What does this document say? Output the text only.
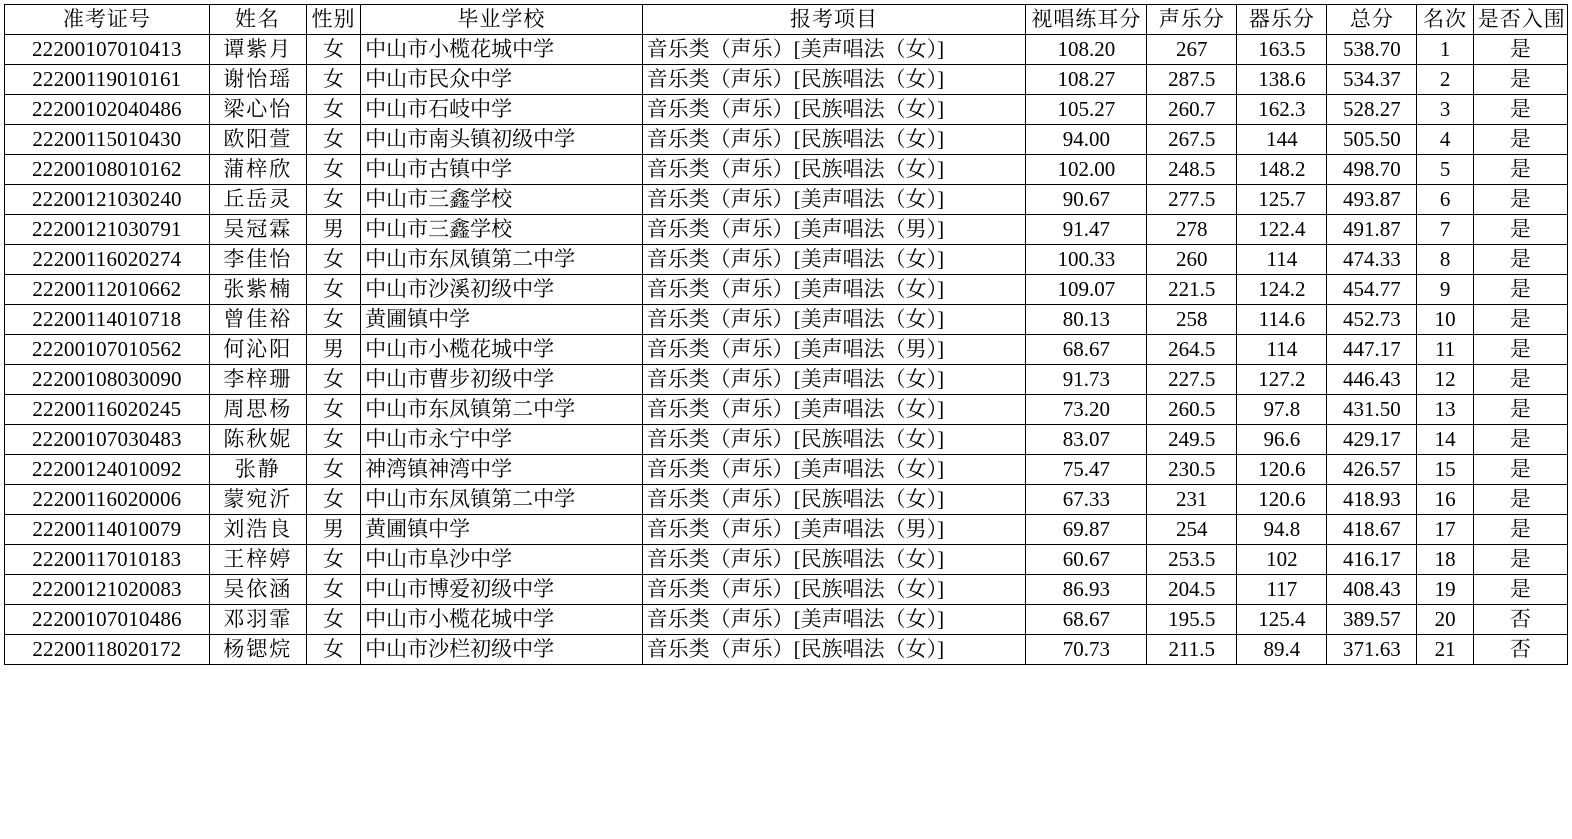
准考证号	姓名	性别	毕业学校	报考项目	视唱练耳分	声乐分	器乐分	总分	名次	是否入围
22200107010413	谭紫月	女	中山市小榄花城中学	音乐类（声乐）[美声唱法（女）]	108.20	267	163.5	538.70	1	是
22200119010161	谢怡瑶	女	中山市民众中学	音乐类（声乐）[民族唱法（女）]	108.27	287.5	138.6	534.37	2	是
22200102040486	梁心怡	女	中山市石岐中学	音乐类（声乐）[民族唱法（女）]	105.27	260.7	162.3	528.27	3	是
22200115010430	欧阳萱	女	中山市南头镇初级中学	音乐类（声乐）[民族唱法（女）]	94.00	267.5	144	505.50	4	是
22200108010162	蒲梓欣	女	中山市古镇中学	音乐类（声乐）[民族唱法（女）]	102.00	248.5	148.2	498.70	5	是
22200121030240	丘岳灵	女	中山市三鑫学校	音乐类（声乐）[美声唱法（女）]	90.67	277.5	125.7	493.87	6	是
22200121030791	吴冠霖	男	中山市三鑫学校	音乐类（声乐）[美声唱法（男）]	91.47	278	122.4	491.87	7	是
22200116020274	李佳怡	女	中山市东凤镇第二中学	音乐类（声乐）[美声唱法（女）]	100.33	260	114	474.33	8	是
22200112010662	张紫楠	女	中山市沙溪初级中学	音乐类（声乐）[美声唱法（女）]	109.07	221.5	124.2	454.77	9	是
22200114010718	曾佳裕	女	黄圃镇中学	音乐类（声乐）[美声唱法（女）]	80.13	258	114.6	452.73	10	是
22200107010562	何沁阳	男	中山市小榄花城中学	音乐类（声乐）[美声唱法（男）]	68.67	264.5	114	447.17	11	是
22200108030090	李梓珊	女	中山市曹步初级中学	音乐类（声乐）[美声唱法（女）]	91.73	227.5	127.2	446.43	12	是
22200116020245	周思杨	女	中山市东凤镇第二中学	音乐类（声乐）[美声唱法（女）]	73.20	260.5	97.8	431.50	13	是
22200107030483	陈秋妮	女	中山市永宁中学	音乐类（声乐）[民族唱法（女）]	83.07	249.5	96.6	429.17	14	是
22200124010092	张静	女	神湾镇神湾中学	音乐类（声乐）[美声唱法（女）]	75.47	230.5	120.6	426.57	15	是
22200116020006	蒙宛沂	女	中山市东凤镇第二中学	音乐类（声乐）[民族唱法（女）]	67.33	231	120.6	418.93	16	是
22200114010079	刘浩良	男	黄圃镇中学	音乐类（声乐）[美声唱法（男）]	69.87	254	94.8	418.67	17	是
22200117010183	王梓婷	女	中山市阜沙中学	音乐类（声乐）[民族唱法（女）]	60.67	253.5	102	416.17	18	是
22200121020083	吴依涵	女	中山市博爱初级中学	音乐类（声乐）[民族唱法（女）]	86.93	204.5	117	408.43	19	是
22200107010486	邓羽霏	女	中山市小榄花城中学	音乐类（声乐）[美声唱法（女）]	68.67	195.5	125.4	389.57	20	否
22200118020172	杨锶烷	女	中山市沙栏初级中学	音乐类（声乐）[民族唱法（女）]	70.73	211.5	89.4	371.63	21	否
